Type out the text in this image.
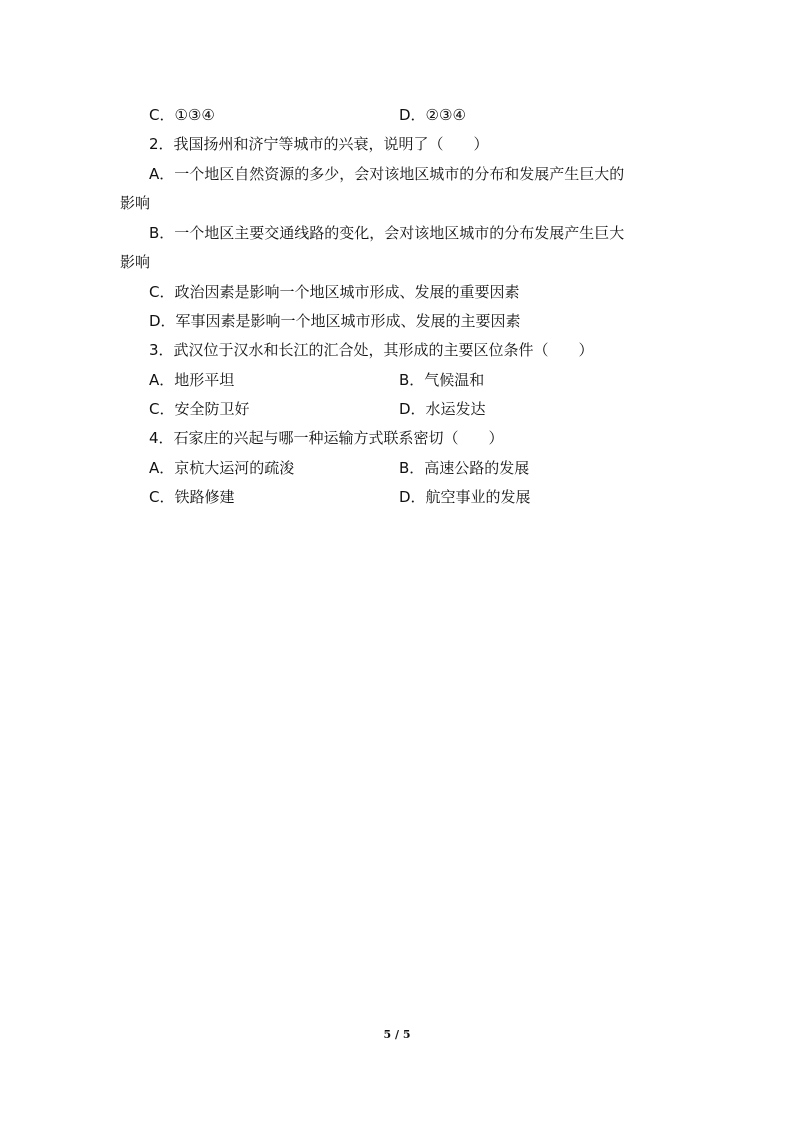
C．①③④	D．②③④
2．我国扬州和济宁等城市的兴衰，说明了（　　）
A．一个地区自然资源的多少，会对该地区城市的分布和发展产生巨大的
影响
B．一个地区主要交通线路的变化，会对该地区城市的分布发展产生巨大
影响
C．政治因素是影响一个地区城市形成、发展的重要因素
D．军事因素是影响一个地区城市形成、发展的主要因素
3．武汉位于汉水和长江的汇合处，其形成的主要区位条件（　　）
A．地形平坦	B．气候温和
C．安全防卫好	D．水运发达
4．石家庄的兴起与哪一种运输方式联系密切（　　）
A．京杭大运河的疏浚	B．高速公路的发展
C．铁路修建	D．航空事业的发展
5 / 5
